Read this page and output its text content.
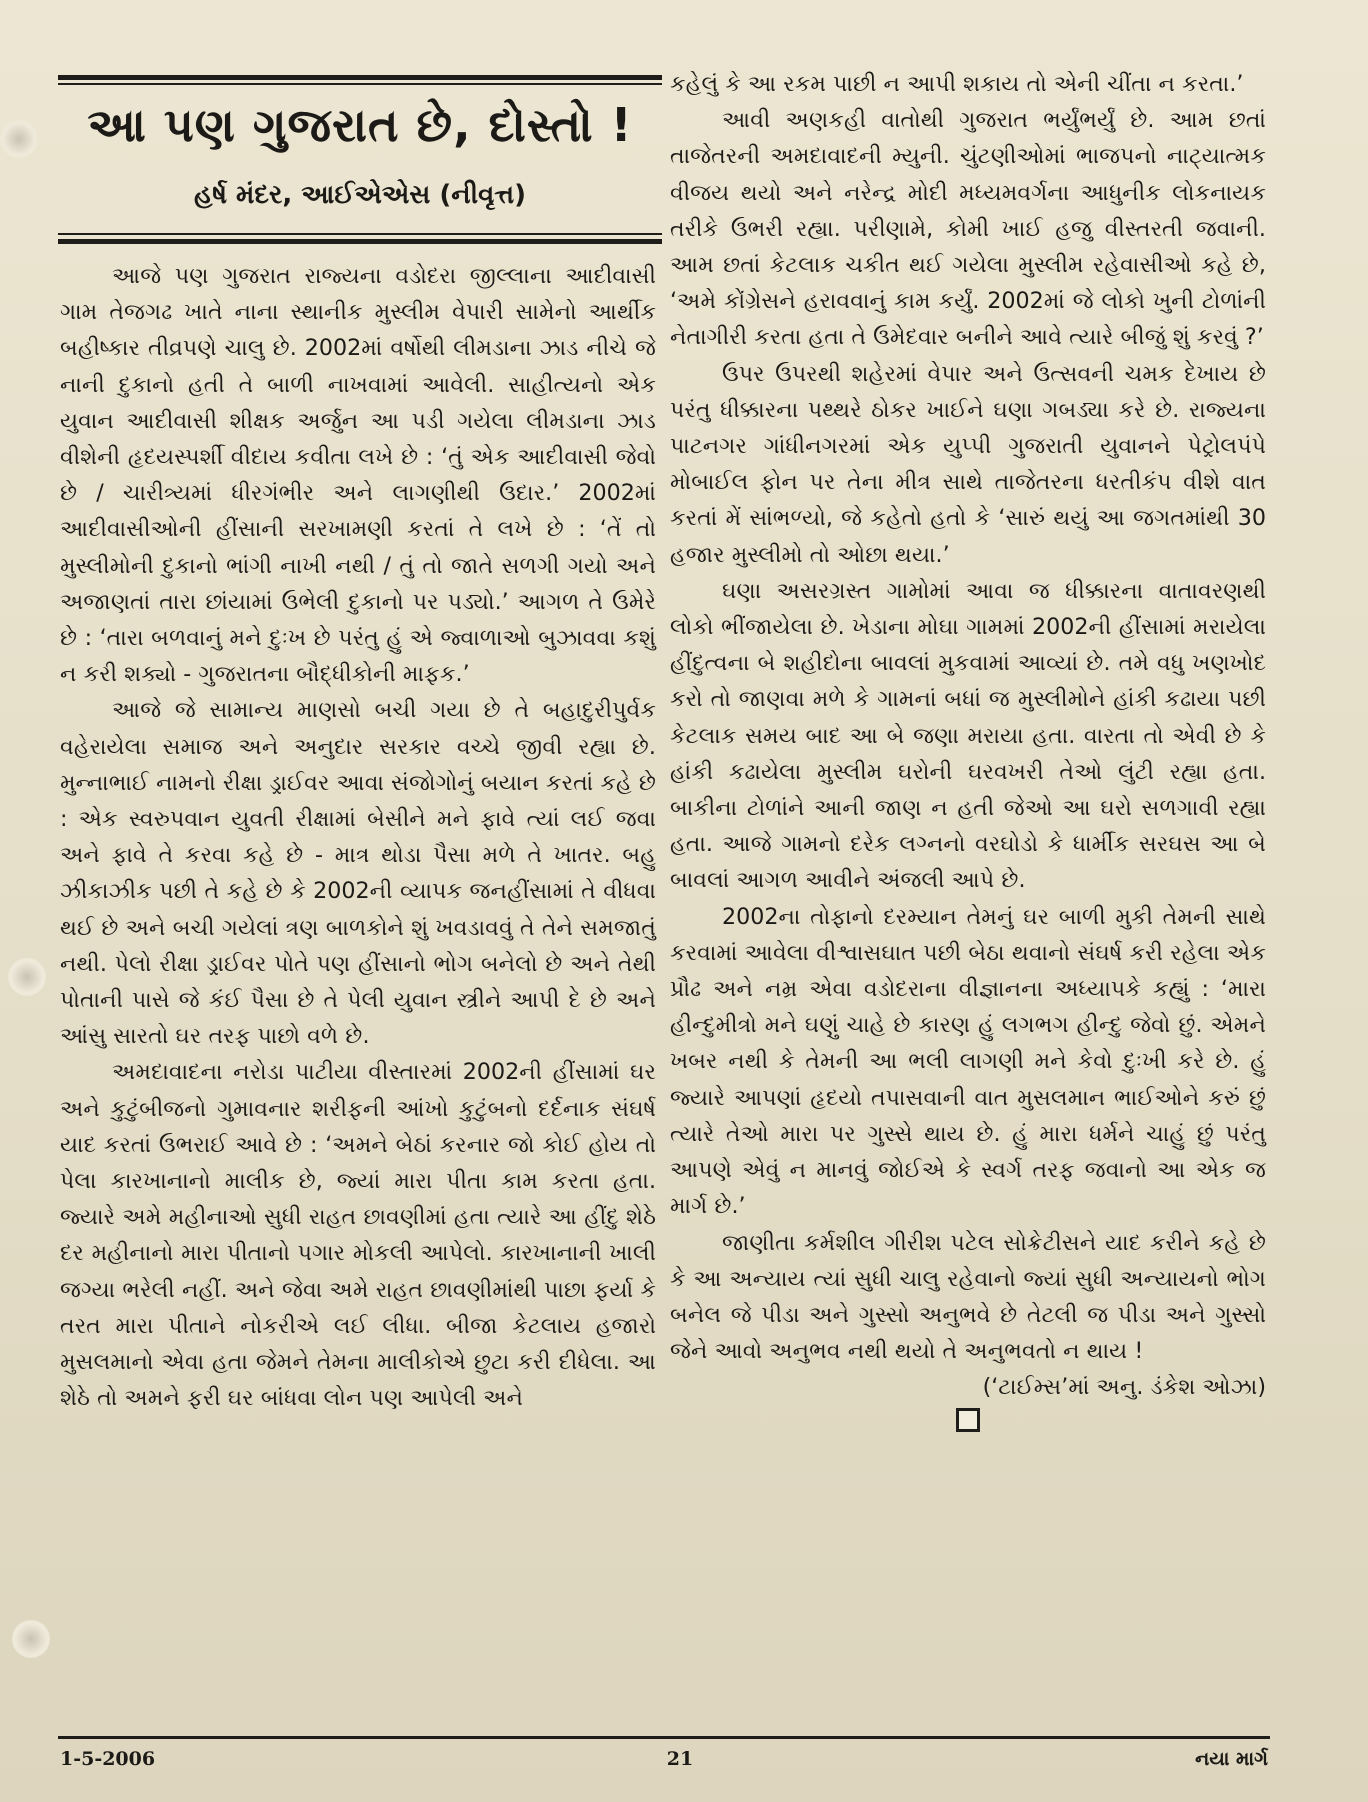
આ પણ ગુજરાત છે, દોસ્તો !
હર્ષ મંદર, આઈએએસ (નીવૃત્ત)

આજે પણ ગુજરાત રાજ્યના વડોદરા જીલ્લાના આદીવાસી ગામ તેજગઢ ખાતે નાના સ્થાનીક મુસ્લીમ વેપારી સામેનો આર્થીક બહીષ્કાર તીવ્રપણે ચાલુ છે. 2002માં વર્ષોથી લીમડાના ઝાડ નીચે જે નાની દુકાનો હતી તે બાળી નાખવામાં આવેલી. સાહીત્યનો એક યુવાન આદીવાસી શીક્ષક અર્જુન આ પડી ગયેલા લીમડાના ઝાડ વીશેની હૃદયસ્પર્શી વીદાય કવીતા લખે છે : ‘તું એક આદીવાસી જેવો છે / ચારીત્ર્યમાં ધીરગંભીર અને લાગણીથી ઉદાર.’ 2002માં આદીવાસીઓની હીંસાની સરખામણી કરતાં તે લખે છે : ‘તેં તો મુસ્લીમોની દુકાનો ભાંગી નાખી નથી / તું તો જાતે સળગી ગયો અને અજાણતાં તારા છાંયામાં ઉભેલી દુકાનો પર પડ્યો.’ આગળ તે ઉમેરે છે : ‘તારા બળવાનું મને દુઃખ છે પરંતુ હું એ જ્વાળાઓ બુઝાવવા કશું ન કરી શક્યો - ગુજરાતના બૌદ્ધીકોની માફક.’

આજે જે સામાન્ય માણસો બચી ગયા છે તે બહાદુરીપુર્વક વહેરાયેલા સમાજ અને અનુદાર સરકાર વચ્ચે જીવી રહ્યા છે. મુન્નાભાઈ નામનો રીક્ષા ડ્રાઈવર આવા સંજોગોનું બયાન કરતાં કહે છે : એક સ્વરુપવાન યુવતી રીક્ષામાં બેસીને મને ફાવે ત્યાં લઈ જવા અને ફાવે તે કરવા કહે છે - માત્ર થોડા પૈસા મળે તે ખાતર. બહુ ઝીકાઝીક પછી તે કહે છે કે 2002ની વ્યાપક જનહીંસામાં તે વીધવા થઈ છે અને બચી ગયેલાં ત્રણ બાળકોને શું ખવડાવવું તે તેને સમજાતું નથી. પેલો રીક્ષા ડ્રાઈવર પોતે પણ હીંસાનો ભોગ બનેલો છે અને તેથી પોતાની પાસે જે કંઈ પૈસા છે તે પેલી યુવાન સ્ત્રીને આપી દે છે અને આંસુ સારતો ઘર તરફ પાછો વળે છે.

અમદાવાદના નરોડા પાટીયા વીસ્તારમાં 2002ની હીંસામાં ઘર અને કુટુંબીજનો ગુમાવનાર શરીફની આંખો કુટુંબનો દર્દનાક સંઘર્ષ યાદ કરતાં ઉભરાઈ આવે છે : ‘અમને બેઠાં કરનાર જો કોઈ હોય તો પેલા કારખાનાનો માલીક છે, જ્યાં મારા પીતા કામ કરતા હતા. જ્યારે અમે મહીનાઓ સુધી રાહત છાવણીમાં હતા ત્યારે આ હીંદુ શેઠે દર મહીનાનો મારા પીતાનો પગાર મોકલી આપેલો. કારખાનાની ખાલી જગ્યા ભરેલી નહીં. અને જેવા અમે રાહત છાવણીમાંથી પાછા ફર્યા કે તરત મારા પીતાને નોકરીએ લઈ લીધા. બીજા કેટલાય હજારો મુસલમાનો એવા હતા જેમને તેમના માલીકોએ છુટા કરી દીધેલા. આ શેઠે તો અમને ફરી ઘર બાંધવા લોન પણ આપેલી અને

કહેલું કે આ રકમ પાછી ન આપી શકાય તો એની ચીંતા ન કરતા.’

આવી અણકહી વાતોથી ગુજરાત ભર્યુંભર્યું છે. આમ છતાં તાજેતરની અમદાવાદની મ્યુની. ચુંટણીઓમાં ભાજપનો નાટ્યાત્મક વીજય થયો અને નરેન્દ્ર મોદી મધ્યમવર્ગના આધુનીક લોકનાયક તરીકે ઉભરી રહ્યા. પરીણામે, કોમી ખાઈ હજુ વીસ્તરતી જવાની. આમ છતાં કેટલાક ચકીત થઈ ગયેલા મુસ્લીમ રહેવાસીઓ કહે છે, ‘અમે કોંગ્રેસને હરાવવાનું કામ કર્યું. 2002માં જે લોકો ખુની ટોળાંની નેતાગીરી કરતા હતા તે ઉમેદવાર બનીને આવે ત્યારે બીજું શું કરવું ?’

ઉપર ઉપરથી શહેરમાં વેપાર અને ઉત્સવની ચમક દેખાય છે પરંતુ ધીક્કારના પથ્થરે ઠોકર ખાઈને ઘણા ગબડ્યા કરે છે. રાજ્યના પાટનગર ગાંધીનગરમાં એક યુપ્પી ગુજરાતી યુવાનને પેટ્રોલપંપે મોબાઈલ ફોન પર તેના મીત્ર સાથે તાજેતરના ધરતીકંપ વીશે વાત કરતાં મેં સાંભળ્યો, જે કહેતો હતો કે ‘સારું થયું આ જગતમાંથી 30 હજાર મુસ્લીમો તો ઓછા થયા.’

ઘણા અસરગ્રસ્ત ગામોમાં આવા જ ધીક્કારના વાતાવરણથી લોકો ભીંજાયેલા છે. ખેડાના મોઘા ગામમાં 2002ની હીંસામાં મરાયેલા હીંદુત્વના બે શહીદોના બાવલાં મુકવામાં આવ્યાં છે. તમે વધુ ખણખોદ કરો તો જાણવા મળે કે ગામનાં બધાં જ મુસ્લીમોને હાંકી કઢાયા પછી કેટલાક સમય બાદ આ બે જણા મરાયા હતા. વારતા તો એવી છે કે હાંકી કઢાયેલા મુસ્લીમ ઘરોની ઘરવખરી તેઓ લુંટી રહ્યા હતા. બાકીના ટોળાંને આની જાણ ન હતી જેઓ આ ઘરો સળગાવી રહ્યા હતા. આજે ગામનો દરેક લગ્નનો વરઘોડો કે ધાર્મીક સરઘસ આ બે બાવલાં આગળ આવીને અંજલી આપે છે.

2002ના તોફાનો દરમ્યાન તેમનું ઘર બાળી મુકી તેમની સાથે કરવામાં આવેલા વીશ્વાસઘાત પછી બેઠા થવાનો સંઘર્ષ કરી રહેલા એક પ્રૌઢ અને નમ્ર એવા વડોદરાના વીજ્ઞાનના અધ્યાપકે કહ્યું : ‘મારા હીન્દુમીત્રો મને ઘણું ચાહે છે કારણ હું લગભગ હીન્દુ જેવો છું. એમને ખબર નથી કે તેમની આ ભલી લાગણી મને કેવો દુઃખી કરે છે. હું જ્યારે આપણાં હૃદયો તપાસવાની વાત મુસલમાન ભાઈઓને કરું છું ત્યારે તેઓ મારા પર ગુસ્સે થાય છે. હું મારા ધર્મને ચાહું છું પરંતુ આપણે એવું ન માનવું જોઈએ કે સ્વર્ગ તરફ જવાનો આ એક જ માર્ગ છે.’

જાણીતા કર્મશીલ ગીરીશ પટેલ સોક્રેટીસને યાદ કરીને કહે છે કે આ અન્યાય ત્યાં સુધી ચાલુ રહેવાનો જ્યાં સુધી અન્યાયનો ભોગ બનેલ જે પીડા અને ગુસ્સો અનુભવે છે તેટલી જ પીડા અને ગુસ્સો જેને આવો અનુભવ નથી થયો તે અનુભવતો ન થાય !

(‘ટાઈમ્સ’માં અનુ. ડંકેશ ઓઝા)

1-5-2006	21	નયા માર્ગ
